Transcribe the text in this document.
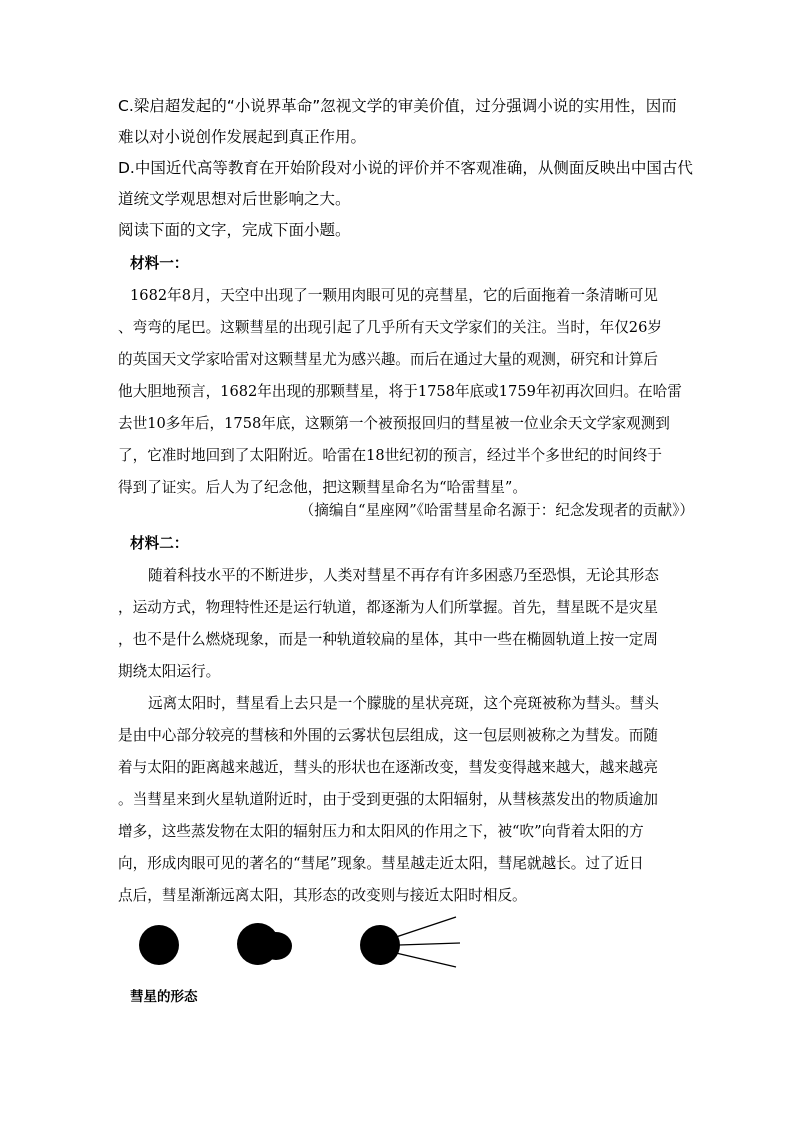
C.梁启超发起的“小说界革命”忽视文学的审美价值，过分强调小说的实用性，因而
难以对小说创作发展起到真正作用。
D.中国近代高等教育在开始阶段对小说的评价并不客观准确，从侧面反映出中国古代
道统文学观思想对后世影响之大。
阅读下面的文字，完成下面小题。
材料一：
1682年8月，天空中出现了一颗用肉眼可见的亮彗星，它的后面拖着一条清晰可见
、弯弯的尾巴。这颗彗星的出现引起了几乎所有天文学家们的关注。当时，年仅26岁
的英国天文学家哈雷对这颗彗星尤为感兴趣。而后在通过大量的观测，研究和计算后
他大胆地预言，1682年出现的那颗彗星，将于1758年底或1759年初再次回归。在哈雷
去世10多年后，1758年底，这颗第一个被预报回归的彗星被一位业余天文学家观测到
了，它准时地回到了太阳附近。哈雷在18世纪初的预言，经过半个多世纪的时间终于
得到了证实。后人为了纪念他，把这颗彗星命名为“哈雷彗星”。
（摘编自“星座网”《哈雷彗星命名源于：纪念发现者的贡献》）
材料二：
随着科技水平的不断进步，人类对彗星不再存有许多困惑乃至恐惧，无论其形态
，运动方式，物理特性还是运行轨道，都逐渐为人们所掌握。首先，彗星既不是灾星
，也不是什么燃烧现象，而是一种轨道较扁的星体，其中一些在椭圆轨道上按一定周
期绕太阳运行。
远离太阳时，彗星看上去只是一个朦胧的星状亮斑，这个亮斑被称为彗头。彗头
是由中心部分较亮的彗核和外围的云雾状包层组成，这一包层则被称之为彗发。而随
着与太阳的距离越来越近，彗头的形状也在逐渐改变，彗发变得越来越大，越来越亮
。当彗星来到火星轨道附近时，由于受到更强的太阳辐射，从彗核蒸发出的物质逾加
增多，这些蒸发物在太阳的辐射压力和太阳风的作用之下，被“吹”向背着太阳的方
向，形成肉眼可见的著名的“彗尾”现象。彗星越走近太阳，彗尾就越长。过了近日
点后，彗星渐渐远离太阳，其形态的改变则与接近太阳时相反。
彗星的形态
